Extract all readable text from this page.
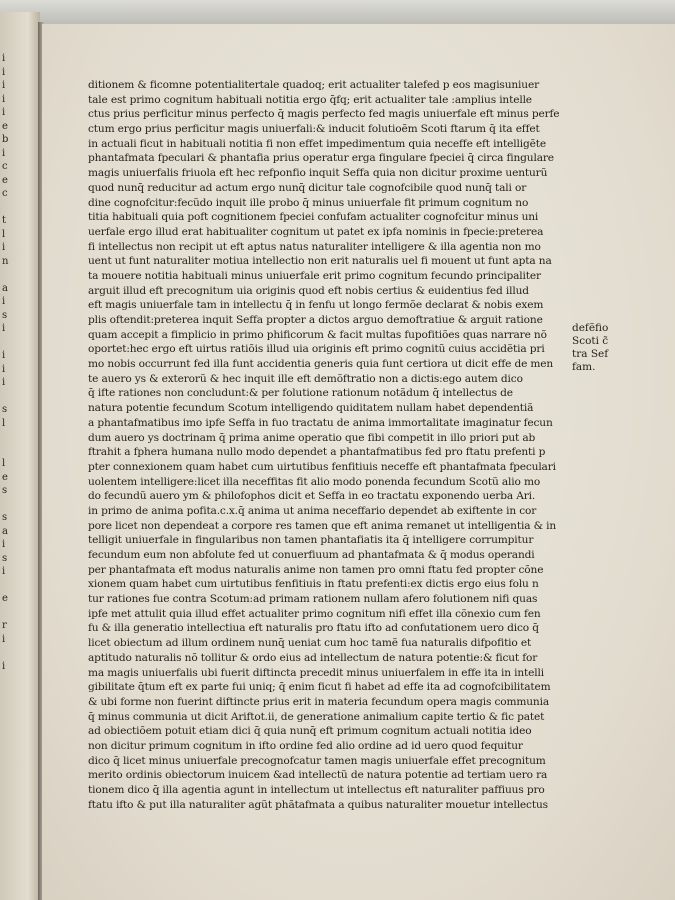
i
i
i
i
i
e
b
i
c
e
c

t
l
i
n

a
i
s
i

i
i
i

s
l

l
e
s

s
a
i
s
i

e

r
i

i

ditionem & ficomne potentialitertale quadoq; erit actualiter talefed p eos magisuniuer
tale est primo cognitum habituali notitia ergo q̄fq; erit actualiter tale :amplius intelle
ctus prius perficitur minus perfecto q̄ magis perfecto fed magis uniuerfale eft minus perfe
ctum ergo prius perficitur magis uniuerfali:& inducit folutioẽm Scoti ftarum q̄ ita effet
in actuali ficut in habituali notitia fi non effet impedimentum quia neceffe eft intelligẽte
phantafmata fpeculari & phantafia prius operatur erga fingulare fpeciei q̄ circa fingulare
magis uniuerfalis friuola eft hec refponfio inquit Seffa quia non dicitur proxime uenturũ
quod nunq̄ reducitur ad actum ergo nunq̄ dicitur tale cognofcibile quod nunq̄ tali or
dine cognofcitur:fecũdo inquit ille probo q̄ minus uniuerfale fit primum cognitum no
titia habituali quia poft cognitionem fpeciei confufam actualiter cognofcitur minus uni
uerfale ergo illud erat habitualiter cognitum ut patet ex ipfa nominis in fpecie:preterea
fi intellectus non recipit ut eft aptus natus naturaliter intelligere & illa agentia non mo
uent ut funt naturaliter motiua intellectio non erit naturalis uel fi mouent ut funt apta na
ta mouere notitia habituali minus uniuerfale erit primo cognitum fecundo principaliter
arguit illud eft precognitum uia originis quod eft nobis certius & euidentius fed illud
eft magis uniuerfale tam in intellectu q̄ in fenfu ut longo fermõe declarat & nobis exem
plis oftendit:preterea inquit Seffa propter a dictos arguo demoftratiue & arguit ratione
quam accepit a fimplicio in primo phificorum & facit multas fupofitiões quas narrare nõ
oportet:hec ergo eft uirtus ratiõis illud uia originis eft primo cognitũ cuius accidẽtia pri
mo nobis occurrunt fed illa funt accidentia generis quia funt certiora ut dicit effe de men
te auero ys & exterorũ & hec inquit ille eft demõftratio non a dictis:ego autem dico
q̄ ifte rationes non concludunt:& per folutione rationum notãdum q̄ intellectus de
natura potentie fecundum Scotum intelligendo quiditatem nullam habet dependentiã
a phantafmatibus imo ipfe Seffa in fuo tractatu de anima immortalitate imaginatur fecun
dum auero ys doctrinam q̄ prima anime operatio que fibi competit in illo priori put ab
ftrahit a fphera humana nullo modo dependet a phantafmatibus fed pro ftatu prefenti p
pter connexionem quam habet cum uirtutibus fenfitiuis neceffe eft phantafmata fpeculari
uolentem intelligere:licet illa neceffitas fit alio modo ponenda fecundum Scotũ alio mo
do fecundũ auero ym & philofophos dicit et Seffa in eo tractatu exponendo uerba Ari.
in primo de anima pofita.c.x.q̄ anima ut anima neceffario dependet ab exiftente in cor
pore licet non dependeat a corpore res tamen que eft anima remanet ut intelligentia & in
telligit uniuerfale in fingularibus non tamen phantafiatis ita q̄ intelligere corrumpitur
fecundum eum non abfolute fed ut conuerfiuum ad phantafmata & q̄ modus operandi
per phantafmata eft modus naturalis anime non tamen pro omni ftatu fed propter cõne
xionem quam habet cum uirtutibus fenfitiuis in ftatu prefenti:ex dictis ergo eius folu n
tur rationes fue contra Scotum:ad primam rationem nullam afero folutionem nifi quas
ipfe met attulit quia illud effet actualiter primo cognitum nifi effet illa cõnexio cum fen
fu & illa generatio intellectiua eft naturalis pro ftatu ifto ad confutationem uero dico q̄
licet obiectum ad illum ordinem nunq̄ ueniat cum hoc tamẽ fua naturalis difpofitio et
aptitudo naturalis nõ tollitur & ordo eius ad intellectum de natura potentie:& ficut for
ma magis uniuerfalis ubi fuerit diftincta precedit minus uniuerfalem in effe ita in intelli
gibilitate q̄tum eft ex parte fui uniq; q̄ enim ficut fi habet ad effe ita ad cognofcibilitatem
& ubi forme non fuerint diftincte prius erit in materia fecundum opera magis communia
q̄ minus communia ut dicit Ariftot.ii, de generatione animalium capite tertio & fic patet
ad obiectiõem potuit etiam dici q̄ quia nunq̄ eft primum cognitum actuali notitia ideo
non dicitur primum cognitum in ifto ordine fed alio ordine ad id uero quod fequitur
dico q̄ licet minus uniuerfale precognofcatur tamen magis uniuerfale effet precognitum
merito ordinis obiectorum inuicem &ad intellectũ de natura potentie ad tertiam uero ra
tionem dico q̄ illa agentia agunt in intellectum ut intellectus eft naturaliter paffiuus pro
ftatu ifto & put illa naturaliter agũt phãtafmata a quibus naturaliter mouetur intellectus
defẽfio
Scoti c̃
tra Sef
fam.
